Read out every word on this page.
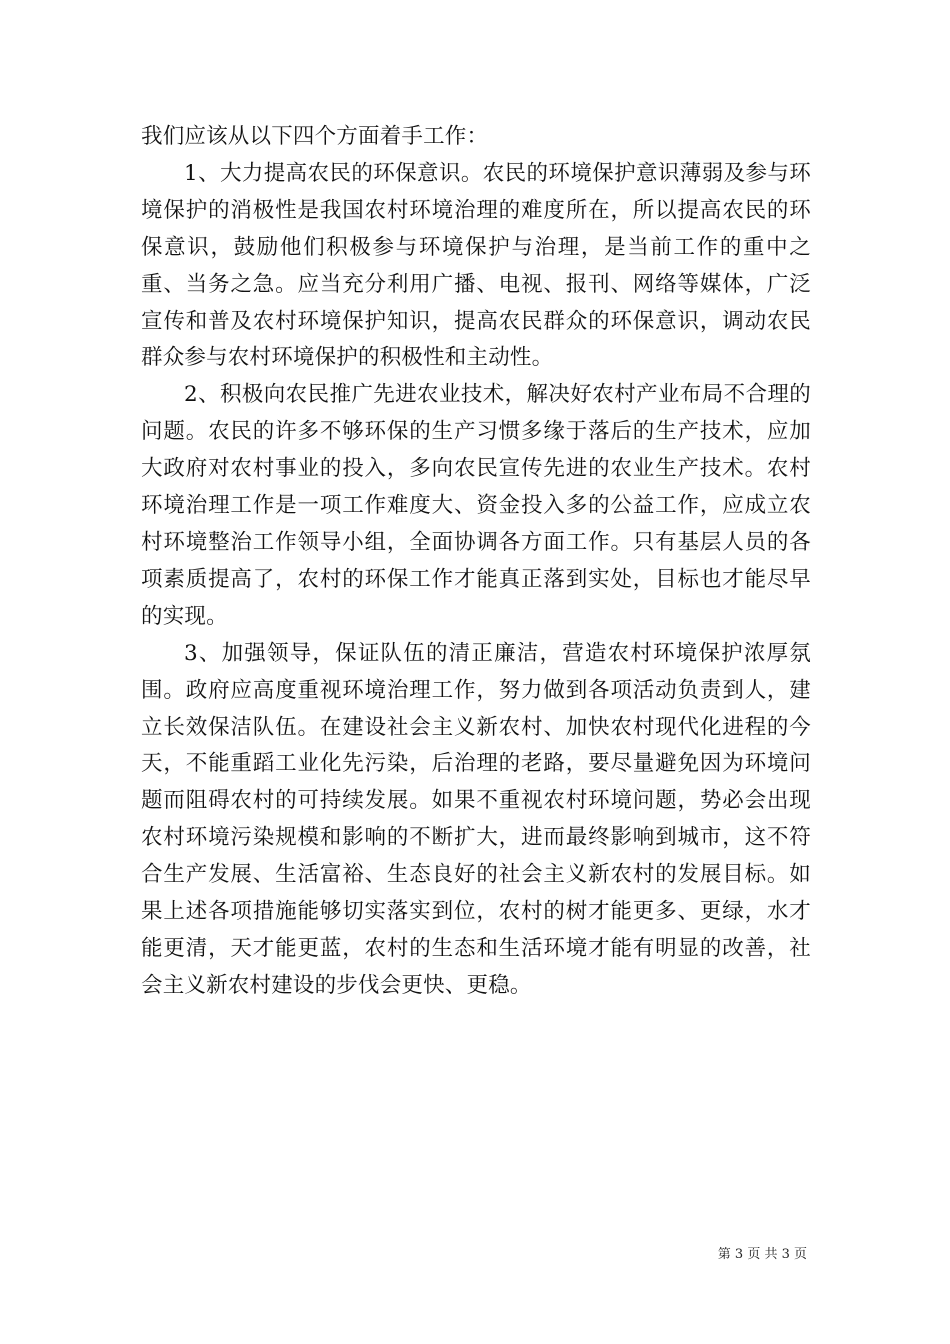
我们应该从以下四个方面着手工作：

1、大力提高农民的环保意识。农民的环境保护意识薄弱及参与环境保护的消极性是我国农村环境治理的难度所在，所以提高农民的环保意识，鼓励他们积极参与环境保护与治理，是当前工作的重中之重、当务之急。应当充分利用广播、电视、报刊、网络等媒体，广泛宣传和普及农村环境保护知识，提高农民群众的环保意识，调动农民群众参与农村环境保护的积极性和主动性。

2、积极向农民推广先进农业技术，解决好农村产业布局不合理的问题。农民的许多不够环保的生产习惯多缘于落后的生产技术，应加大政府对农村事业的投入，多向农民宣传先进的农业生产技术。农村环境治理工作是一项工作难度大、资金投入多的公益工作，应成立农村环境整治工作领导小组，全面协调各方面工作。只有基层人员的各项素质提高了，农村的环保工作才能真正落到实处，目标也才能尽早的实现。

3、加强领导，保证队伍的清正廉洁，营造农村环境保护浓厚氛围。政府应高度重视环境治理工作，努力做到各项活动负责到人，建立长效保洁队伍。在建设社会主义新农村、加快农村现代化进程的今天，不能重蹈工业化先污染，后治理的老路，要尽量避免因为环境问题而阻碍农村的可持续发展。如果不重视农村环境问题，势必会出现农村环境污染规模和影响的不断扩大，进而最终影响到城市，这不符合生产发展、生活富裕、生态良好的社会主义新农村的发展目标。如果上述各项措施能够切实落实到位，农村的树才能更多、更绿，水才能更清，天才能更蓝，农村的生态和生活环境才能有明显的改善，社会主义新农村建设的步伐会更快、更稳。

第 3 页 共 3 页
